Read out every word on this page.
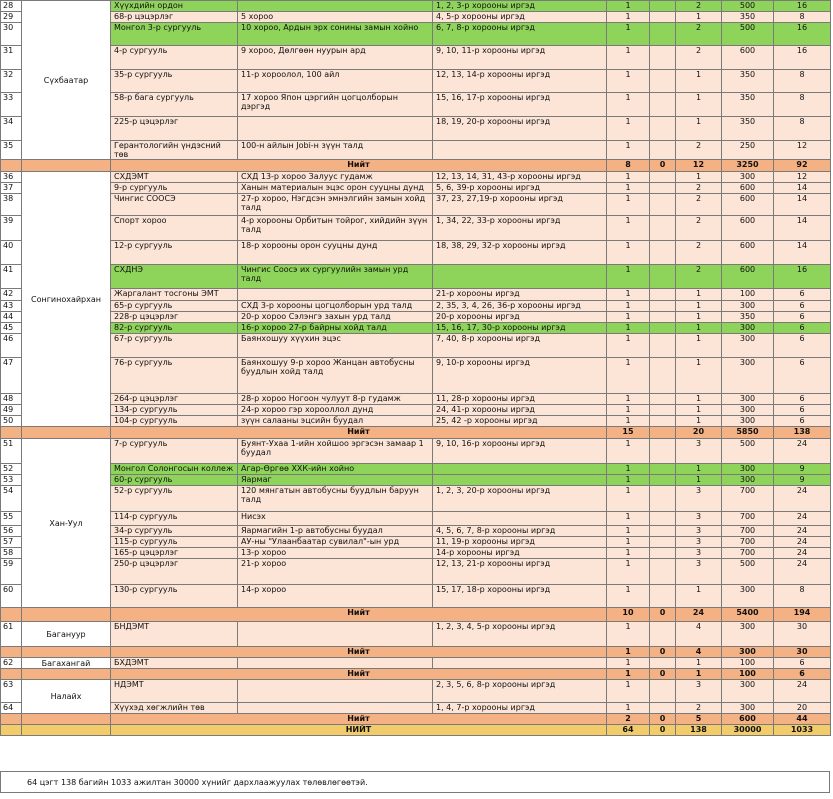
28	Сүхбаатар	Хүүхдийн ордон		1, 2, 3-р хорооны иргэд	1		2	500	16
29		68-р цэцэрлэг	5 хороо	4, 5-р хорооны иргэд	1		1	350	8
30		Монгол 3-р сургууль	10 хороо, Ардын эрх сонины замын хойно	6, 7, 8-р хорооны иргэд	1		2	500	16
31		4-р сургууль	9 хороо, Дөлгөөн нуурын ард	9, 10, 11-р хорооны иргэд	1		2	600	16
32		35-р сургууль	11-р хороолол, 100 айл	12, 13, 14-р хорооны иргэд	1		1	350	8
33		58-р бага сургууль	17 хороо Япон цэргийн цогцолборын дэргэд	15, 16, 17-р хорооны иргэд	1		1	350	8
34		225-р цэцэрлэг		18, 19, 20-р хорооны иргэд	1		1	350	8
35		Герантологийн үндэсний төв	100-н айлын Jobi-н зүүн талд		1		2	250	12
		Нийт			8	0	12	3250	92
36	Сонгинохайрхан	СХДЭМТ	СХД 13-р хороо Залуус гудамж	12, 13, 14, 31, 43-р хорооны иргэд	1		1	300	12
37		9-р сургууль	Ханын материалын эцэс орон сууцны дунд	5, 6, 39-р хорооны иргэд	1		2	600	14
38		Чингис СООСЭ	27-р хороо, Нэгдсэн эмнэлгийн замын хойд талд	37, 23, 27,19-р хорооны иргэд	1		2	600	14
39		Спорт хороо	4-р хорооны Орбитын тойрог, хийдийн зүүн талд	1, 34, 22, 33-р хорооны иргэд	1		2	600	14
40		12-р сургууль	18-р хорооны орон сууцны дунд	18, 38, 29, 32-р хорооны иргэд	1		2	600	14
41		СХДНЭ	Чингис Соосэ их сургуулийн замын урд талд		1		2	600	16
42		Жаргалант тосгоны ЭМТ		21-р хорооны иргэд	1		1	100	6
43		65-р сургууль	СХД 3-р хорооны цогцолборын урд талд	2, 35, 3, 4, 26, 36-р хорооны иргэд	1		1	300	6
44		228-р цэцэрлэг	20-р хороо Сэлэнгэ захын урд талд	20-р хорооны иргэд	1		1	350	6
45		82-р сургууль	16-р хороо 27-р байрны хойд талд	15, 16, 17, 30-р хорооны иргэд	1		1	300	6
46		67-р сургууль	Баянхошуу хүүхин эцэс	7, 40, 8-р хорооны иргэд	1		1	300	6
47		76-р сургууль	Баянхошуу 9-р хороо Жанцан автобусны буудлын хойд талд	9, 10-р хорооны иргэд	1		1	300	6
48		264-р цэцэрлэг	28-р хороо Ногоон чулуут 8-р гудамж	11, 28-р хорооны иргэд	1		1	300	6
49		134-р сургууль	24-р хороо гэр хорооллол дунд	24, 41-р хорооны иргэд	1		1	300	6
50		104-р сургууль	зүүн салааны эцсийн буудал	25, 42 -р хорооны иргэд	1		1	300	6
		Нийт			15		20	5850	138
51	Хан-Уул	7-р сургууль	Буянт-Ухаа 1-ийн хойшоо эргэсэн замаар 1 буудал	9, 10, 16-р хорооны иргэд	1		3	500	24
52		Монгол Солонгосын коллеж	Агар-Өргөө ХХК-ийн хойно		1		1	300	9
53		60-р сургууль	Яармаг		1		1	300	9
54		52-р сургууль	120 мянгатын автобусны буудлын баруун талд	1, 2, 3, 20-р хорооны иргэд	1		3	700	24
55		114-р сургууль	Нисэх		1		3	700	24
56		34-р сургууль	Яармагийн 1-р автобусны буудал	4, 5, 6, 7, 8-р хорооны иргэд	1		3	700	24
57		115-р сургууль	АУ-ны "Улаанбаатар сувилал"-ын урд	11, 19-р хорооны иргэд	1		3	700	24
58		165-р цэцэрлэг	13-р хороо	14-р хорооны иргэд	1		3	700	24
59		250-р цэцэрлэг	21-р хороо	12, 13, 21-р хорооны иргэд	1		3	500	24
60		130-р сургууль	14-р хороо	15, 17, 18-р хорооны иргэд	1		1	300	8
		Нийт			10	0	24	5400	194
61	Багануур	БНДЭМТ		1, 2, 3, 4, 5-р хорооны иргэд	1		4	300	30
		Нийт			1	0	4	300	30
62	Багахангай	БХДЭМТ			1		1	100	6
		Нийт			1	0	1	100	6
63	Налайх	НДЭМТ		2, 3, 5, 6, 8-р хорооны иргэд	1		3	300	24
64		Хүүхэд хөгжлийн төв		1, 4, 7-р хорооны иргэд	1		2	300	20
		Нийт			2	0	5	600	44
		НИЙТ			64	0	138	30000	1033
64 цэгт 138 багийн 1033 ажилтан 30000 хүнийг дархлаажуулах төлөвлөгөөтэй.
